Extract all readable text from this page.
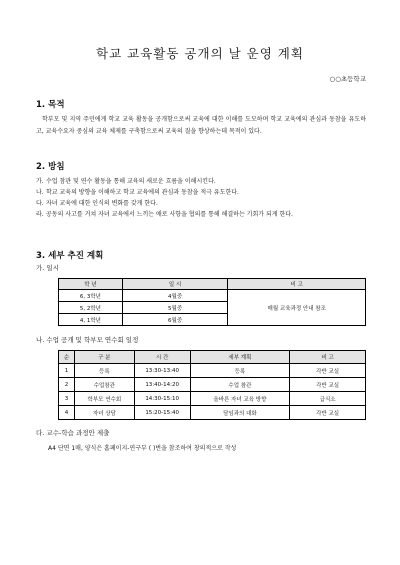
학교 교육활동 공개의 날 운영 계획
○○초등학교
1. 목적
학부모 및 지역 주민에게 학교 교육 활동을 공개함으로써 교육에 대한 이해를 도모하며 학교 교육에의 관심과 동참을 유도하고, 교육수요자 중심의 교육 체제를 구축함으로써 교육의 질을 향상하는데 목적이 있다.
2. 방침
가. 수업 참관 및 연수 활동을 통해 교육의 새로운 흐름을 이해시킨다.
나. 학교 교육의 방향을 이해하고 학교 교육에의 관심과 동참을 적극 유도한다.
다. 자녀 교육에 대한 인식의 변화를 갖게 한다.
라. 공동의 사고를 거쳐 자녀 교육에서 느끼는 애로 사항을 협의를 통해 해결하는 기회가 되게 한다.
3. 세부 추진 계획
가. 일시
학 년	일 시	비 고
6, 3학년	4월중	매월 교육과정 안내 참조
5, 2학년	5월중	
4, 1학년	6월중	
나. 수업 공개 및 학부모 연수회 일정
순	구 분	시 간	세부 계획	비 고
1	등록	13:30-13:40	등록	각반 교실
2	수업참관	13:40-14:20	수업 참관	각반 교실
3	학부모 연수회	14:30-15:10	올바른 자녀 교육 방향	급식소
4	자녀 상담	15:20-15:40	담임과의 대화	각반 교실
다. 교수-학습 과정안 제출
A4 단면 1매, 양식은 홈페이지-연구부 ( )번을 참조하여 창의적으로 작성
